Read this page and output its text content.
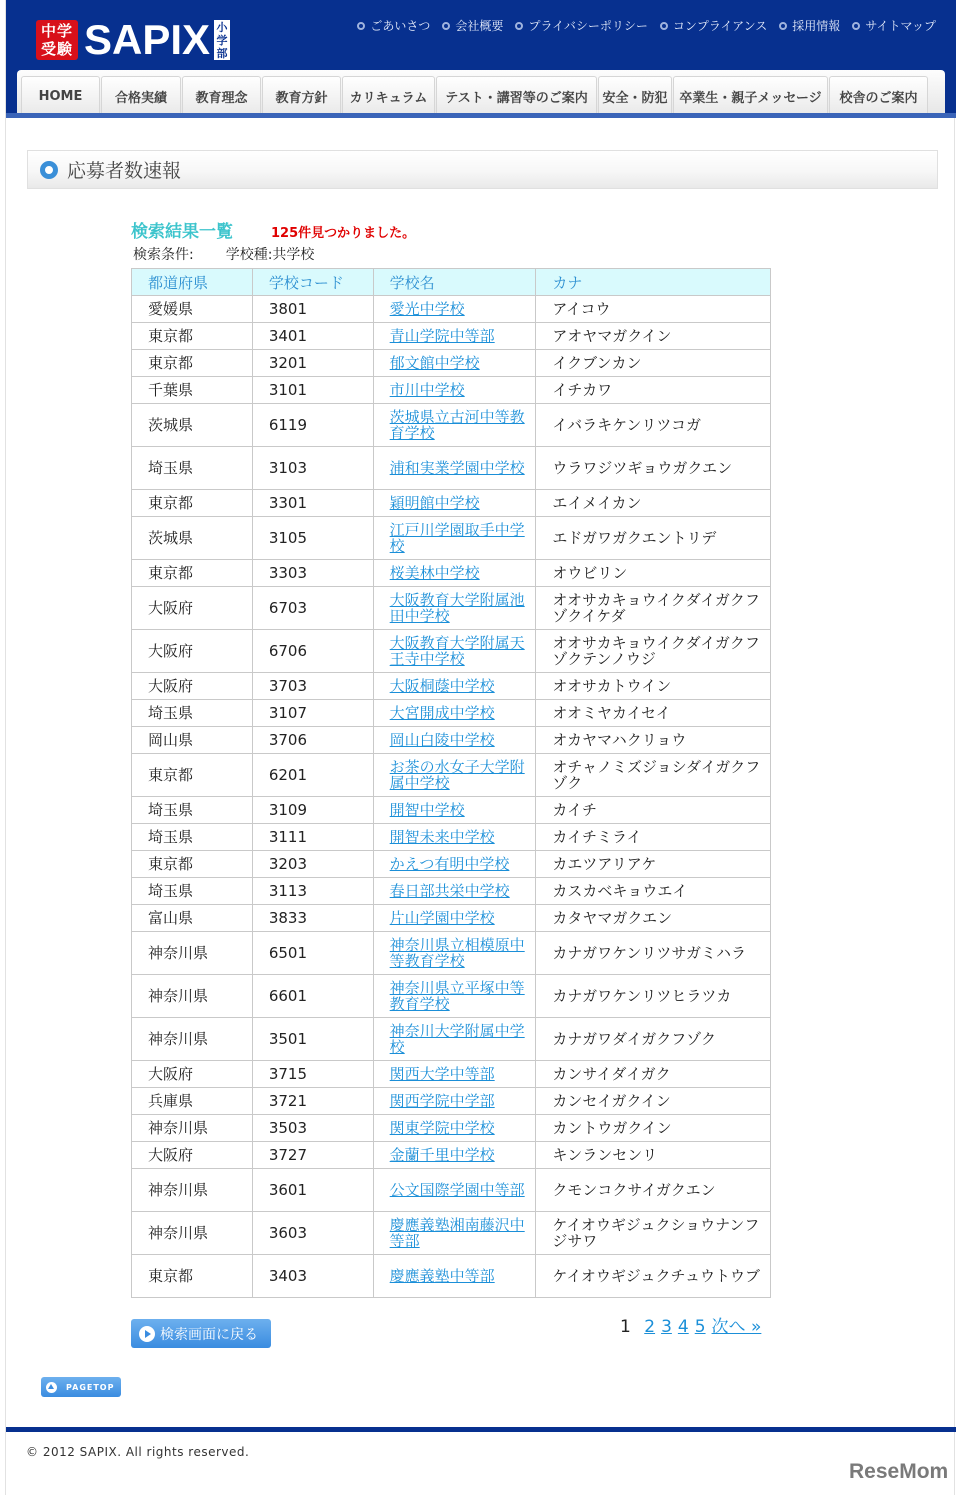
中学受験 SAPIX 小学部
ごあいさつ 会社概要 プライバシーポリシー コンプライアンス 採用情報 サイトマップ
HOME	合格実績	教育理念	教育方針	カリキュラム	テスト・講習等のご案内	安全・防犯 卒業生・親子メッセージ	校舎のご案内
応募者数速報
検索結果一覧	125件見つかりました。
検索条件: 学校種:共学校
都道府県	学校コード	学校名	カナ
愛媛県	3801	愛光中学校	アイコウ
東京都	3401	青山学院中等部	アオヤマガクイン
東京都	3201	郁文館中学校	イクブンカン
千葉県	3101	市川中学校	イチカワ
茨城県	6119	茨城県立古河中等教育学校	イバラキケンリツコガ
埼玉県	3103	浦和実業学園中学校	ウラワジツギョウガクエン
東京都	3301	穎明館中学校	エイメイカン
茨城県	3105	江戸川学園取手中学校	エドガワガクエントリデ
東京都	3303	桜美林中学校	オウビリン
大阪府	6703	大阪教育大学附属池田中学校	オオサカキョウイクダイガクフゾクイケダ
大阪府	6706	大阪教育大学附属天王寺中学校	オオサカキョウイクダイガクフゾクテンノウジ
大阪府	3703	大阪桐蔭中学校	オオサカトウイン
埼玉県	3107	大宮開成中学校	オオミヤカイセイ
岡山県	3706	岡山白陵中学校	オカヤマハクリョウ
東京都	6201	お茶の水女子大学附属中学校	オチャノミズジョシダイガクフゾク
埼玉県	3109	開智中学校	カイチ
埼玉県	3111	開智未来中学校	カイチミライ
東京都	3203	かえつ有明中学校	カエツアリアケ
埼玉県	3113	春日部共栄中学校	カスカベキョウエイ
富山県	3833	片山学園中学校	カタヤマガクエン
神奈川県	6501	神奈川県立相模原中等教育学校	カナガワケンリツサガミハラ
神奈川県	6601	神奈川県立平塚中等教育学校	カナガワケンリツヒラツカ
神奈川県	3501	神奈川大学附属中学校	カナガワダイガクフゾク
大阪府	3715	関西大学中等部	カンサイダイガク
兵庫県	3721	関西学院中学部	カンセイガクイン
神奈川県	3503	関東学院中学校	カントウガクイン
大阪府	3727	金蘭千里中学校	キンランセンリ
神奈川県	3601	公文国際学園中等部	クモンコクサイガクエン
神奈川県	3603	慶應義塾湘南藤沢中等部	ケイオウギジュクショウナンフジサワ
東京都	3403	慶應義塾中等部	ケイオウギジュクチュウトウブ
検索画面に戻る	1 2 3 4 5 次へ »
PAGETOP
© 2012 SAPIX. All rights reserved.
ReseMom
